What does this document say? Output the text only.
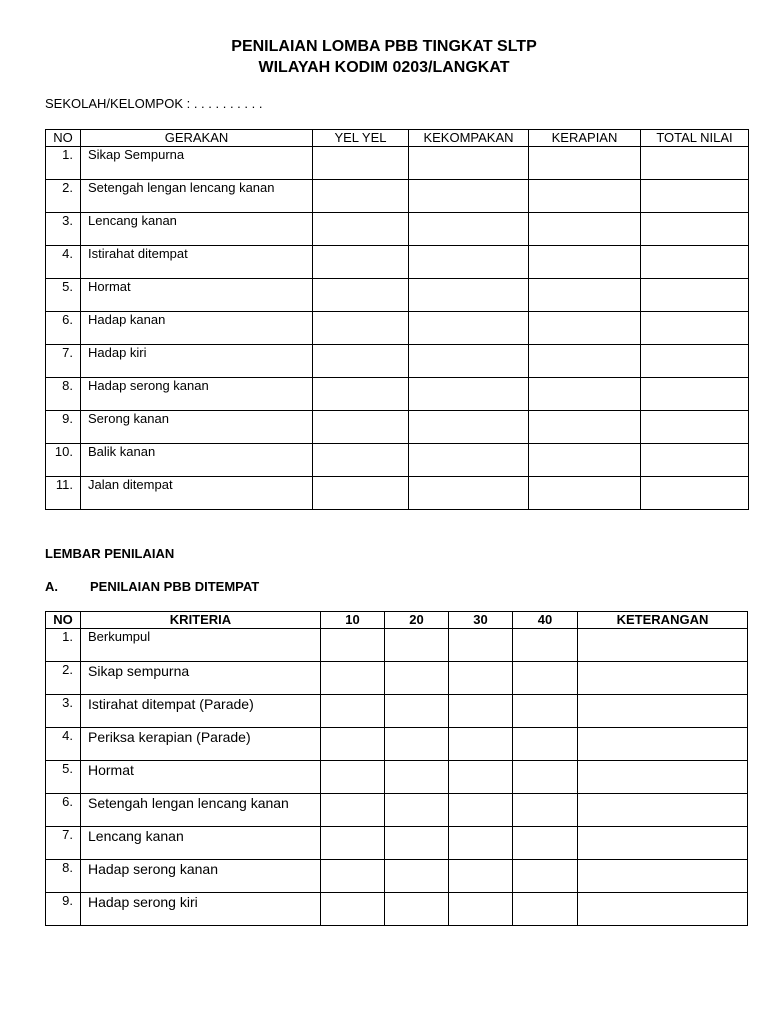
PENILAIAN LOMBA PBB TINGKAT SLTP
WILAYAH KODIM 0203/LANGKAT
SEKOLAH/KELOMPOK : . . . . . . . . . .
NO	GERAKAN	YEL YEL	KEKOMPAKAN	KERAPIAN	TOTAL NILAI
1.	Sikap Sempurna				
2.	Setengah lengan lencang kanan				
3.	Lencang kanan				
4.	Istirahat ditempat				
5.	Hormat				
6.	Hadap kanan				
7.	Hadap kiri				
8.	Hadap serong kanan				
9.	Serong kanan				
10.	Balik kanan				
11.	Jalan ditempat				
LEMBAR PENILAIAN
A. PENILAIAN PBB DITEMPAT
NO	KRITERIA	10	20	30	40	KETERANGAN
1.	Berkumpul					
2.	Sikap sempurna					
3.	Istirahat ditempat (Parade)					
4.	Periksa kerapian (Parade)					
5.	Hormat					
6.	Setengah lengan lencang kanan					
7.	Lencang kanan					
8.	Hadap serong kanan					
9.	Hadap serong kiri					
